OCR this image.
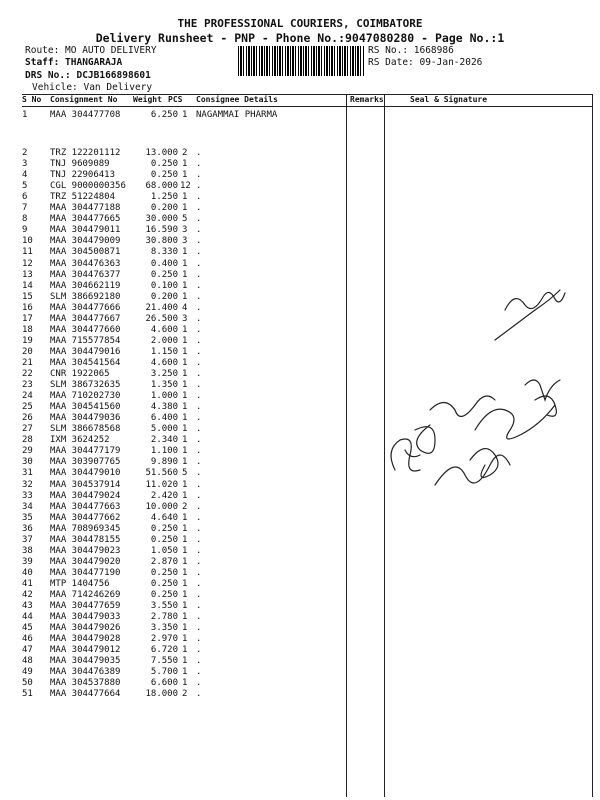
THE PROFESSIONAL COURIERS, COIMBATORE
Delivery Runsheet - PNP - Phone No.:9047080280 - Page No.:1
Route: MO AUTO DELIVERY
Staff: THANGARAJA
DRS No.: DCJB166898601
Vehicle: Van Delivery
RS No.: 1668986
RS Date: 09-Jan-2026
S No Consignment No Weight PCS Consignee Details	Remarks	Seal & Signature
1	MAA 304477708	6.250 1 NAGAMMAI PHARMA
2	TRZ 122201112	13.000 2 .
3	TNJ 9609089	0.250 1 .
4	TNJ 22906413	0.250 1 .
5	CGL 9000000356	68.000 12 .
6	TRZ 51224804	1.250 1 .
7	MAA 304477188	0.200 1 .
8	MAA 304477665	30.000 5 .
9	MAA 304479011	16.590 3 .
10 MAA 304479009	30.800 3 .
11 MAA 304500871	8.330 1 .
12 MAA 304476363	0.400 1 .
13 MAA 304476377	0.250 1 .
14 MAA 304662119	0.100 1 .
15 SLM 386692180	0.200 1 .
16 MAA 304477666	21.400 4 .
17 MAA 304477667	26.500 3 .
18 MAA 304477660	4.600 1 .
19 MAA 715577854	2.000 1 .
20 MAA 304479016	1.150 1 .
21 MAA 304541564	4.600 1 .
22 CNR 1922065	3.250 1 .
23 SLM 386732635	1.350 1 .
24 MAA 710202730	1.000 1 .
25 MAA 304541560	4.380 1 .
26 MAA 304479036	6.400 1 .
27 SLM 386678568	5.000 1 .
28 IXM 3624252	2.340 1 .
29 MAA 304477179	1.100 1 .
30 MAA 303907765	9.890 1 .
31 MAA 304479010	51.560 5 .
32 MAA 304537914	11.020 1 .
33 MAA 304479024	2.420 1 .
34 MAA 304477663	10.000 2 .
35 MAA 304477662	4.640 1 .
36 MAA 708969345	0.250 1 .
37 MAA 304478155	0.250 1 .
38 MAA 304479023	1.050 1 .
39 MAA 304479020	2.870 1 .
40 MAA 304477190	0.250 1 .
41 MTP 1404756	0.250 1 .
42 MAA 714246269	0.250 1 .
43 MAA 304477659	3.550 1 .
44 MAA 304479033	2.780 1 .
45 MAA 304479026	3.350 1 .
46 MAA 304479028	2.970 1 .
47 MAA 304479012	6.720 1 .
48 MAA 304479035	7.550 1 .
49 MAA 304476389	5.700 1 .
50 MAA 304537880	6.600 1 .
51 MAA 304477664	18.000 2 .
